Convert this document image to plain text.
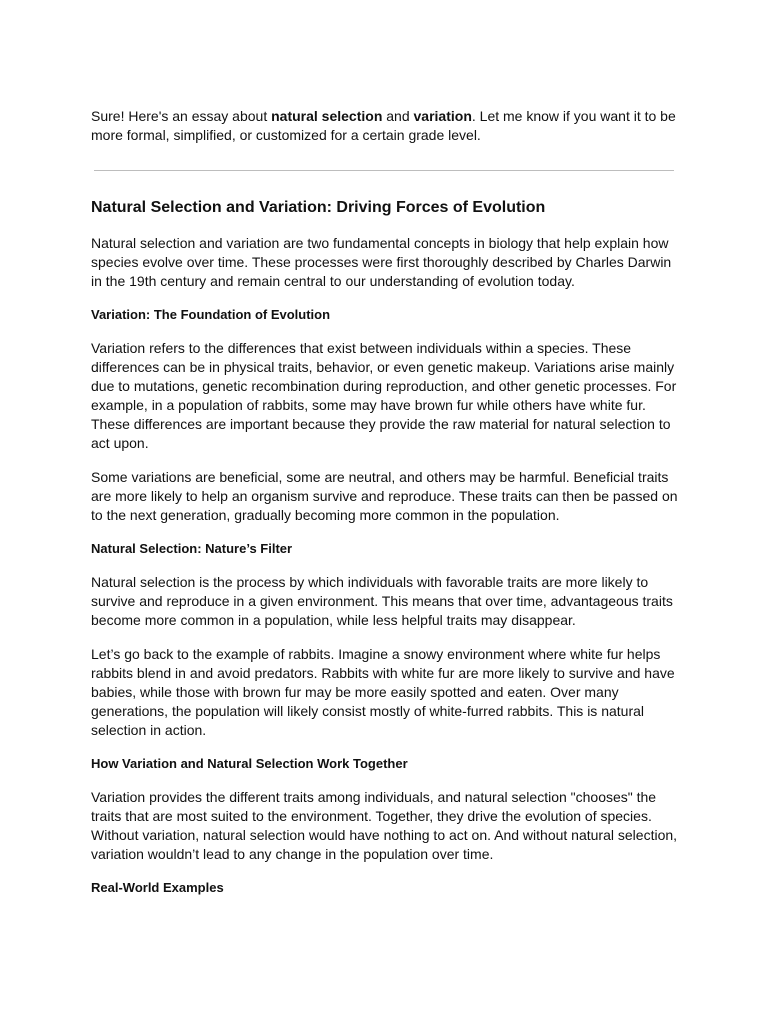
Sure! Here's an essay about natural selection and variation. Let me know if you want it to be more formal, simplified, or customized for a certain grade level.

Natural Selection and Variation: Driving Forces of Evolution

Natural selection and variation are two fundamental concepts in biology that help explain how species evolve over time. These processes were first thoroughly described by Charles Darwin in the 19th century and remain central to our understanding of evolution today.

Variation: The Foundation of Evolution

Variation refers to the differences that exist between individuals within a species. These differences can be in physical traits, behavior, or even genetic makeup. Variations arise mainly due to mutations, genetic recombination during reproduction, and other genetic processes. For example, in a population of rabbits, some may have brown fur while others have white fur. These differences are important because they provide the raw material for natural selection to act upon.

Some variations are beneficial, some are neutral, and others may be harmful. Beneficial traits are more likely to help an organism survive and reproduce. These traits can then be passed on to the next generation, gradually becoming more common in the population.

Natural Selection: Nature’s Filter

Natural selection is the process by which individuals with favorable traits are more likely to survive and reproduce in a given environment. This means that over time, advantageous traits become more common in a population, while less helpful traits may disappear.

Let’s go back to the example of rabbits. Imagine a snowy environment where white fur helps rabbits blend in and avoid predators. Rabbits with white fur are more likely to survive and have babies, while those with brown fur may be more easily spotted and eaten. Over many generations, the population will likely consist mostly of white-furred rabbits. This is natural selection in action.

How Variation and Natural Selection Work Together

Variation provides the different traits among individuals, and natural selection "chooses" the traits that are most suited to the environment. Together, they drive the evolution of species. Without variation, natural selection would have nothing to act on. And without natural selection, variation wouldn’t lead to any change in the population over time.

Real-World Examples
